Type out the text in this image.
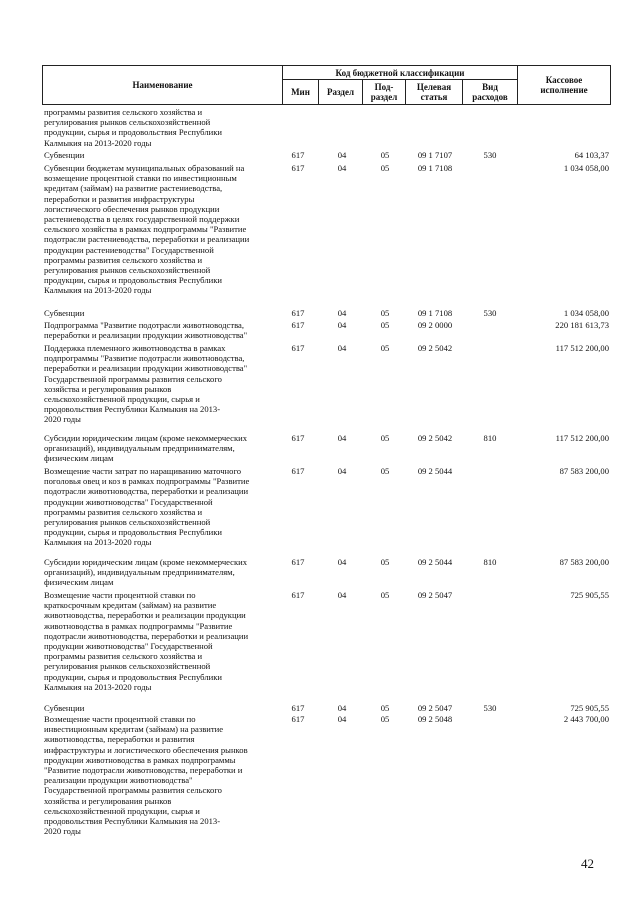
Наименование
Код бюджетной классификации
Мин	Раздел	Под-
раздел
Целевая
статья
Вид
расходов
Кассовое
исполнение
программы развития сельского хозяйства и
регулирования рынков сельскохозяйственной
продукции, сырья и продовольствия Республики
Калмыкия на 2013-2020 годы
Субвенции	617	04	05	09 1 7107	530	64 103,37
Субвенции бюджетам муниципальных образований на
возмещение процентной ставки по инвестиционным
кредитам (займам) на развитие растениеводства,
переработки и развития инфраструктуры
логистического обеспечения рынков продукции
растениеводства в целях государственной поддержки
сельского хозяйства в рамках подпрограммы "Развитие
подотрасли растениеводства, переработки и реализации
продукции растениеводства" Государственной
программы развития сельского хозяйства и
регулирования рынков сельскохозяйственной
продукции, сырья и продовольствия Республики
Калмыкия на 2013-2020 годы
617	04	05	09 1 7108	1 034 058,00
Субвенции	617	04	05	09 1 7108	530	1 034 058,00
Подпрограмма "Развитие подотрасли животноводства,
переработки и реализации продукции животноводства"
617	04	05	09 2 0000	220 181 613,73
Поддержка племенного животноводства в рамках
подпрограммы "Развитие подотрасли животноводства,
переработки и реализации продукции животноводства"
Государственной программы развития сельского
хозяйства и регулирования рынков
сельскохозяйственной продукции, сырья и
продовольствия Республики Калмыкия на 2013-
2020 годы
617	04	05	09 2 5042	117 512 200,00
Субсидии юридическим лицам (кроме некоммерческих
организаций), индивидуальным предпринимателям,
физическим лицам
617	04	05	09 2 5042	810	117 512 200,00
Возмещение части затрат по наращиванию маточного
поголовья овец и коз в рамках подпрограммы "Развитие
подотрасли животноводства, переработки и реализации
продукции животноводства" Государственной
программы развития сельского хозяйства и
регулирования рынков сельскохозяйственной
продукции, сырья и продовольствия Республики
Калмыкия на 2013-2020 годы
617	04	05	09 2 5044	87 583 200,00
Субсидии юридическим лицам (кроме некоммерческих
организаций), индивидуальным предпринимателям,
физическим лицам
617	04	05	09 2 5044	810	87 583 200,00
Возмещение части процентной ставки по
краткосрочным кредитам (займам) на развитие
животноводства, переработки и реализации продукции
животноводства в рамках подпрограммы "Развитие
подотрасли животноводства, переработки и реализации
продукции животноводства" Государственной
программы развития сельского хозяйства и
регулирования рынков сельскохозяйственной
продукции, сырья и продовольствия Республики
Калмыкия на 2013-2020 годы
617	04	05	09 2 5047	725 905,55
Субвенции	617	04	05	09 2 5047	530	725 905,55
Возмещение части процентной ставки по
инвестиционным кредитам (займам) на развитие
животноводства, переработки и развития
инфраструктуры и логистического обеспечения рынков
продукции животноводства в рамках подпрограммы
"Развитие подотрасли животноводства, переработки и
реализации продукции животноводства"
Государственной программы развития сельского
хозяйства и регулирования рынков
сельскохозяйственной продукции, сырья и
продовольствия Республики Калмыкия на 2013-
2020 годы
617	04	05	09 2 5048	2 443 700,00
42
